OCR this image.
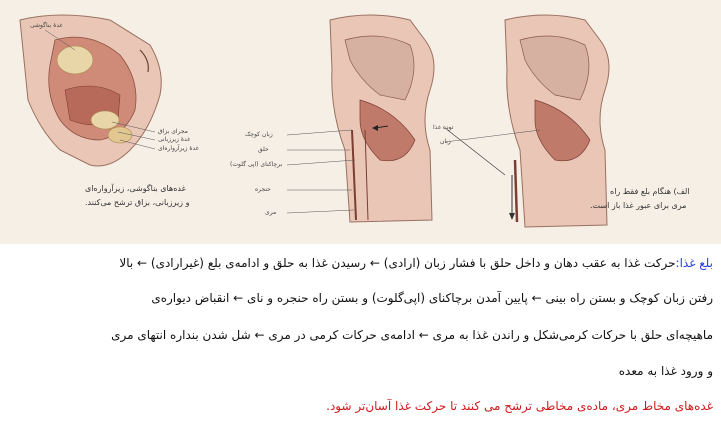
غدهٔ بناگوشی
مجرای بزاق
غدهٔ زیرزبانی
غدهٔ زیرآرواره‌ای
غده‌های بناگوشی، زیرآرواره‌ای
و زیرزبانی، بزاق ترشح می‌کنند.
زبان کوچک
حلق
برچاکنای (اپی گلوت)
حنجره
مری
توده غذا
زبان
الف) هنگام بلع فقط راه
مری برای عبور غذا باز است.
بلع غذا:حرکت غذا به عقب دهان و داخل حلق با فشار زبان (ارادی) ← رسیدن غذا به حلق و ادامه‌ی بلع (غیرارادی) ← بالا
رفتن زبان کوچک و بستن راه بینی ← پایین آمدن برچاکنای (اپی‌گلوت) و بستن راه حنجره و نای ← انقباض دیواره‌ی
ماهیچه‌ای حلق با حرکات کرمی‌شکل و راندن غذا به مری ← ادامه‌ی حرکات کرمی در مری ← شل شدن بنداره انتهای مری
و ورود غذا به معده
غده‌های مخاط مری، ماده‌ی مخاطی ترشح می کنند تا حرکت غذا آسان‌تر شود.
